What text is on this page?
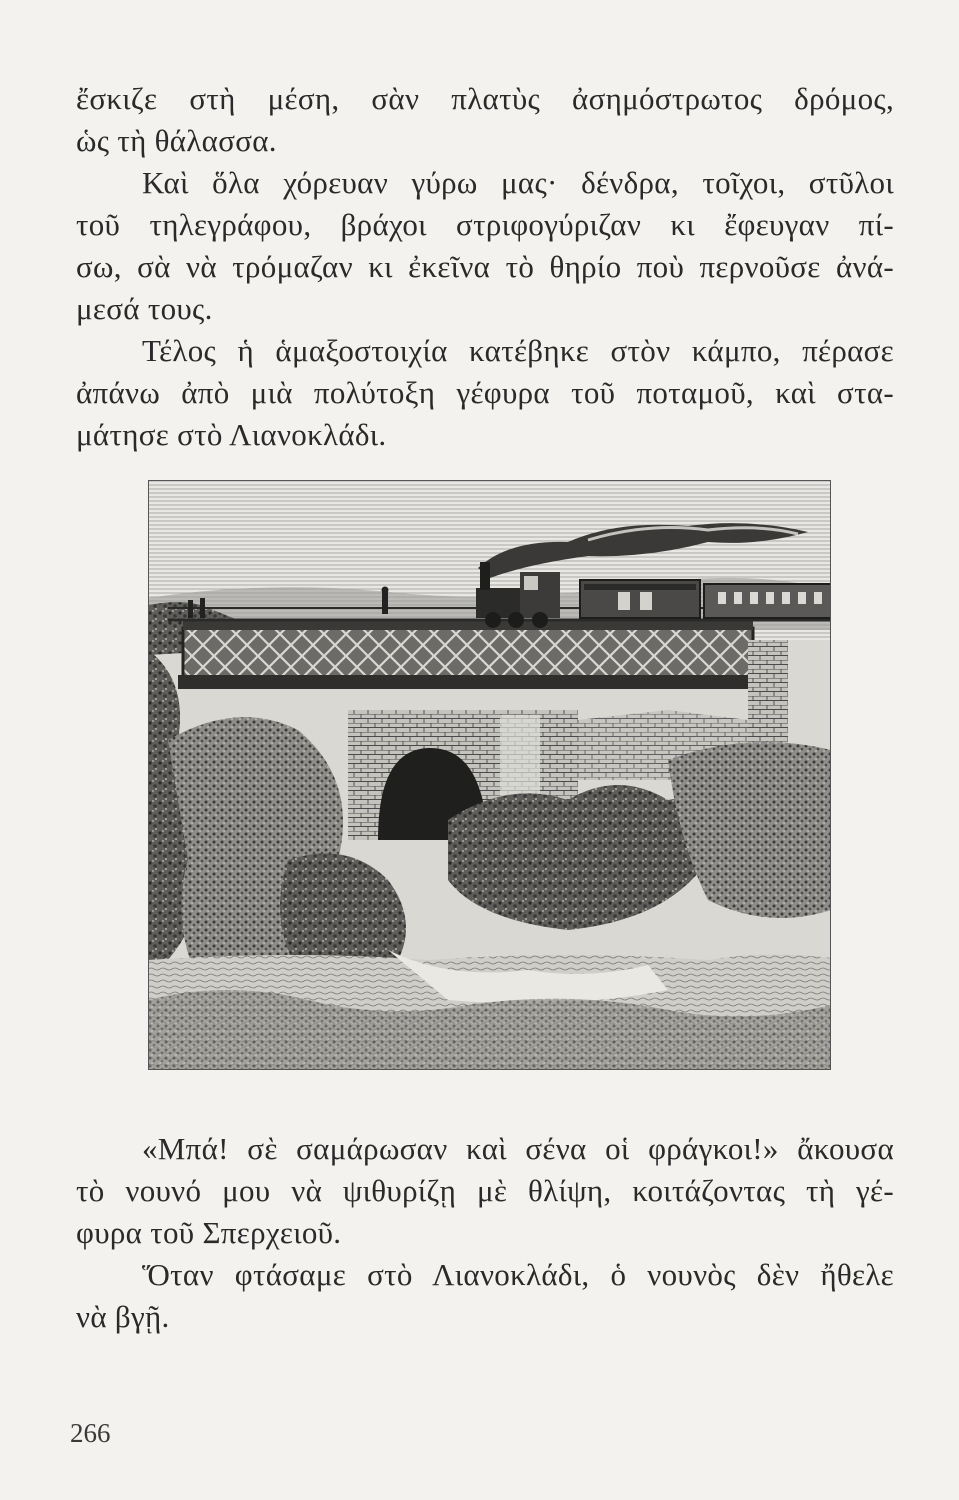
ἔσκιζε στὴ μέση, σὰν πλατὺς ἀσημόστρωτος δρόμος,
ὡς τὴ θάλασσα.

Καὶ ὅλα χόρευαν γύρω μας· δένδρα, τοῖχοι, στῦλοι
τοῦ τηλεγράφου, βράχοι στριφογύριζαν κι ἔφευγαν πί-
σω, σὰ νὰ τρόμαζαν κι ἐκεῖνα τὸ θηρίο ποὺ περνοῦσε ἀνά-
μεσά τους.

Τέλος ἡ ἁμαξοστοιχία κατέβηκε στὸν κάμπο, πέρασε
ἀπάνω ἀπὸ μιὰ πολύτοξη γέφυρα τοῦ ποταμοῦ, καὶ στα-
μάτησε στὸ Λιανοκλάδι.

«Μπά! σὲ σαμάρωσαν καὶ σένα οἱ φράγκοι!» ἄκουσα
τὸ νουνό μου νὰ ψιθυρίζῃ μὲ θλίψη, κοιτάζοντας τὴ γέ-
φυρα τοῦ Σπερχειοῦ.

Ὅταν φτάσαμε στὸ Λιανοκλάδι, ὁ νουνὸς δὲν ἤθελε
νὰ βγῇ.

266
